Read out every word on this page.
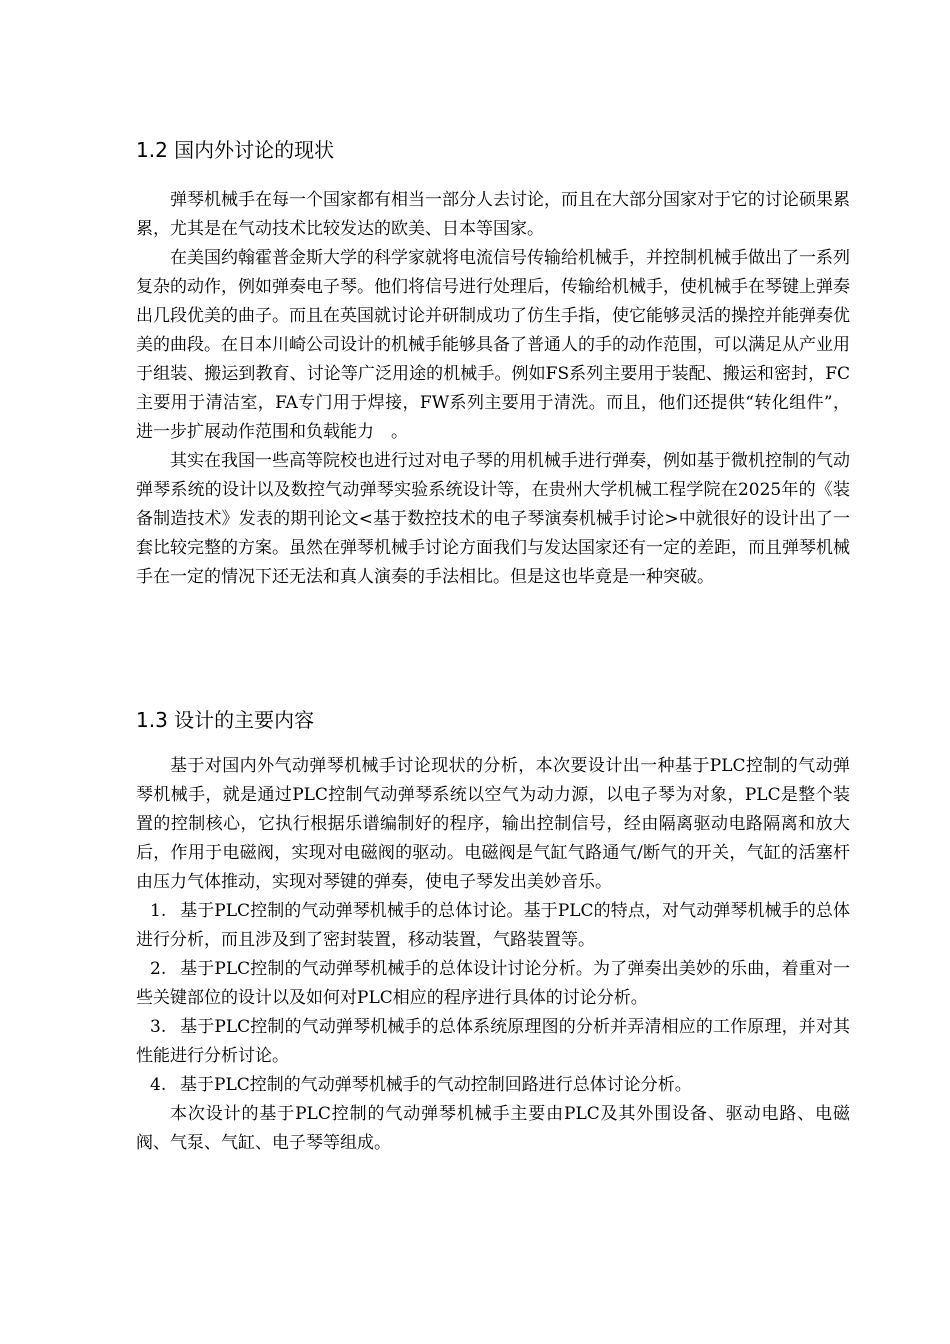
1.2 国内外讨论的现状

弹琴机械手在每一个国家都有相当一部分人去讨论，而且在大部分国家对于它的讨论硕果累累，尤其是在气动技术比较发达的欧美、日本等国家。

在美国约翰霍普金斯大学的科学家就将电流信号传输给机械手，并控制机械手做出了一系列复杂的动作，例如弹奏电子琴。他们将信号进行处理后，传输给机械手，使机械手在琴键上弹奏出几段优美的曲子。而且在英国就讨论并研制成功了仿生手指，使它能够灵活的操控并能弹奏优美的曲段。在日本川崎公司设计的机械手能够具备了普通人的手的动作范围，可以满足从产业用于组装、搬运到教育、讨论等广泛用途的机械手。例如FS系列主要用于装配、搬运和密封，FC主要用于清洁室，FA专门用于焊接，FW系列主要用于清洗。而且，他们还提供“转化组件”，进一步扩展动作范围和负载能力　。

其实在我国一些高等院校也进行过对电子琴的用机械手进行弹奏，例如基于微机控制的气动弹琴系统的设计以及数控气动弹琴实验系统设计等，在贵州大学机械工程学院在2025年的《装备制造技术》发表的期刊论文<基于数控技术的电子琴演奏机械手讨论>中就很好的设计出了一套比较完整的方案。虽然在弹琴机械手讨论方面我们与发达国家还有一定的差距，而且弹琴机械手在一定的情况下还无法和真人演奏的手法相比。但是这也毕竟是一种突破。

1.3 设计的主要内容

基于对国内外气动弹琴机械手讨论现状的分析，本次要设计出一种基于PLC控制的气动弹琴机械手，就是通过PLC控制气动弹琴系统以空气为动力源，以电子琴为对象，PLC是整个装置的控制核心，它执行根据乐谱编制好的程序，输出控制信号，经由隔离驱动电路隔离和放大后，作用于电磁阀，实现对电磁阀的驱动。电磁阀是气缸气路通气/断气的开关，气缸的活塞杆由压力气体推动，实现对琴键的弹奏，使电子琴发出美妙音乐。

1. 基于PLC控制的气动弹琴机械手的总体讨论。基于PLC的特点，对气动弹琴机械手的总体进行分析，而且涉及到了密封装置，移动装置，气路装置等。

2. 基于PLC控制的气动弹琴机械手的总体设计讨论分析。为了弹奏出美妙的乐曲，着重对一些关键部位的设计以及如何对PLC相应的程序进行具体的讨论分析。

3. 基于PLC控制的气动弹琴机械手的总体系统原理图的分析并弄清相应的工作原理，并对其性能进行分析讨论。

4. 基于PLC控制的气动弹琴机械手的气动控制回路进行总体讨论分析。

本次设计的基于PLC控制的气动弹琴机械手主要由PLC及其外围设备、驱动电路、电磁阀、气泵、气缸、电子琴等组成。
